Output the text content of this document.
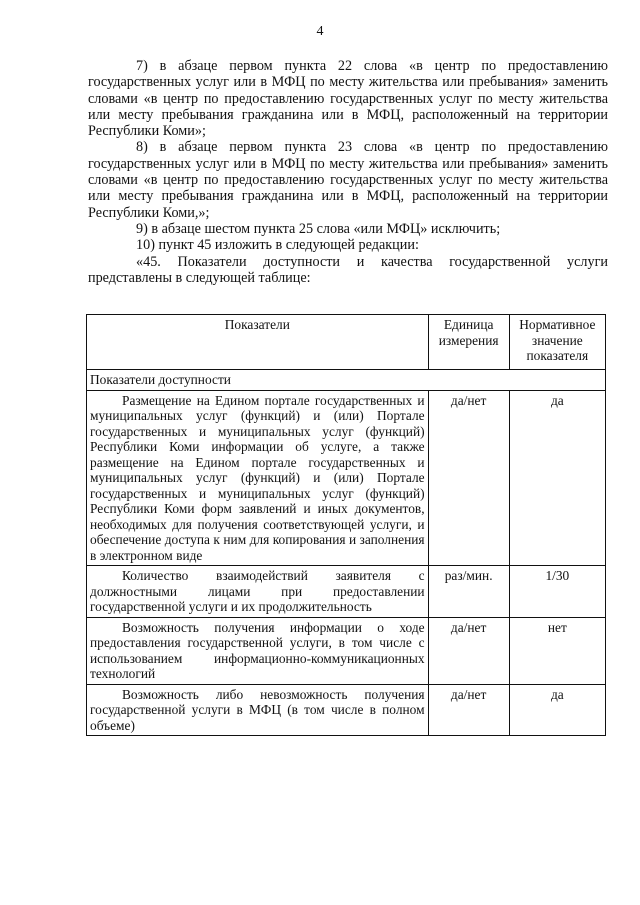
4

7) в абзаце первом пункта 22 слова «в центр по предоставлению государственных услуг или в МФЦ по месту жительства или пребывания» заменить словами «в центр по предоставлению государственных услуг по месту жительства или месту пребывания гражданина или в МФЦ, расположенный на территории Республики Коми»;

8) в абзаце первом пункта 23 слова «в центр по предоставлению государственных услуг или в МФЦ по месту жительства или пребывания» заменить словами «в центр по предоставлению государственных услуг по месту жительства или месту пребывания гражданина или в МФЦ, расположенный на территории Республики Коми,»;

9) в абзаце шестом пункта 25 слова «или МФЦ» исключить;

10) пункт 45 изложить в следующей редакции:

«45. Показатели доступности и качества государственной услуги представлены в следующей таблице:

Показатели	Единица измерения	Нормативное значение показателя
Показатели доступности		
Размещение на Едином портале государственных и муниципальных услуг (функций) и (или) Портале государственных и муниципальных услуг (функций) Республики Коми информации об услуге, а также размещение на Едином портале государственных и муниципальных услуг (функций) и (или) Портале государственных и муниципальных услуг (функций) Республики Коми форм заявлений и иных документов, необходимых для получения соответствующей услуги, и обеспечение доступа к ним для копирования и заполнения в электронном виде	да/нет	да
Количество взаимодействий заявителя с должностными лицами при предоставлении государственной услуги и их продолжительность	раз/мин.	1/30
Возможность получения информации о ходе предоставления государственной услуги, в том числе с использованием информационно-коммуникационных технологий	да/нет	нет
Возможность либо невозможность получения государственной услуги в МФЦ (в том числе в полном объеме)	да/нет	да
